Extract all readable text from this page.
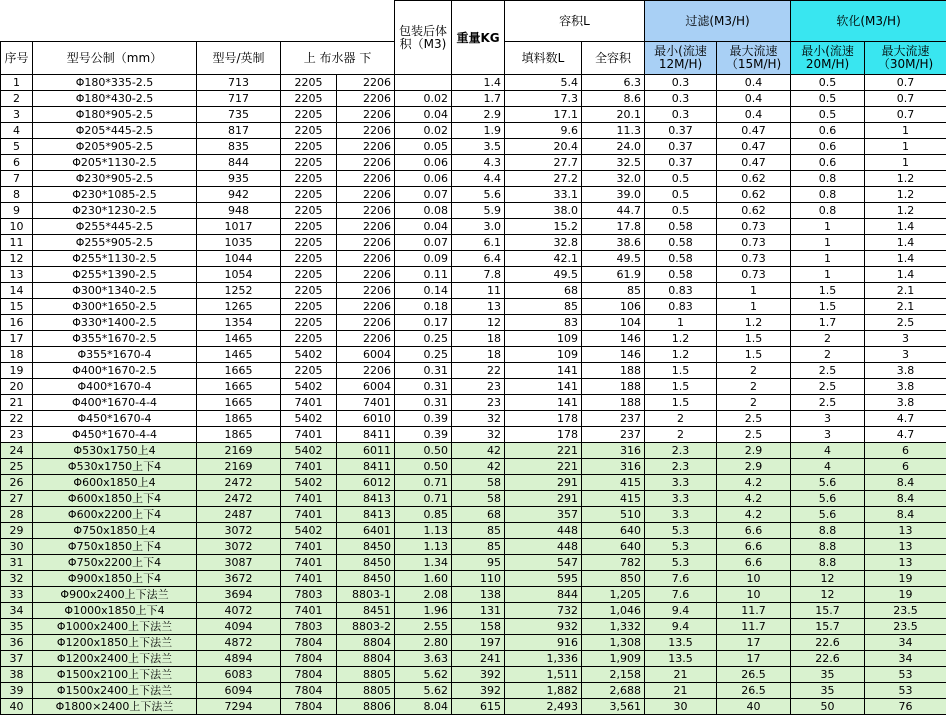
					包装后体积（M3)	重量KG	容积L		过滤(M3/H)		软化(M3/H)	
序号	型号公制（mm）	型号/英制	上 布水器 下				填料数L	全容积	最小(流速12M/H)	最大流速（15M/H)	最小(流速20M/H)	最大流速（30M/H)
1	Φ180*335-2.5	713	2205	2206		1.4	5.4	6.3	0.3	0.4	0.5	0.7
2	Φ180*430-2.5	717	2205	2206	0.02	1.7	7.3	8.6	0.3	0.4	0.5	0.7
3	Φ180*905-2.5	735	2205	2206	0.04	2.9	17.1	20.1	0.3	0.4	0.5	0.7
4	Φ205*445-2.5	817	2205	2206	0.02	1.9	9.6	11.3	0.37	0.47	0.6	1
5	Φ205*905-2.5	835	2205	2206	0.05	3.5	20.4	24.0	0.37	0.47	0.6	1
6	Φ205*1130-2.5	844	2205	2206	0.06	4.3	27.7	32.5	0.37	0.47	0.6	1
7	Φ230*905-2.5	935	2205	2206	0.06	4.4	27.2	32.0	0.5	0.62	0.8	1.2
8	Φ230*1085-2.5	942	2205	2206	0.07	5.6	33.1	39.0	0.5	0.62	0.8	1.2
9	Φ230*1230-2.5	948	2205	2206	0.08	5.9	38.0	44.7	0.5	0.62	0.8	1.2
10	Φ255*445-2.5	1017	2205	2206	0.04	3.0	15.2	17.8	0.58	0.73	1	1.4
11	Φ255*905-2.5	1035	2205	2206	0.07	6.1	32.8	38.6	0.58	0.73	1	1.4
12	Φ255*1130-2.5	1044	2205	2206	0.09	6.4	42.1	49.5	0.58	0.73	1	1.4
13	Φ255*1390-2.5	1054	2205	2206	0.11	7.8	49.5	61.9	0.58	0.73	1	1.4
14	Φ300*1340-2.5	1252	2205	2206	0.14	11	68	85	0.83	1	1.5	2.1
15	Φ300*1650-2.5	1265	2205	2206	0.18	13	85	106	0.83	1	1.5	2.1
16	Φ330*1400-2.5	1354	2205	2206	0.17	12	83	104	1	1.2	1.7	2.5
17	Φ355*1670-2.5	1465	2205	2206	0.25	18	109	146	1.2	1.5	2	3
18	Φ355*1670-4	1465	5402	6004	0.25	18	109	146	1.2	1.5	2	3
19	Φ400*1670-2.5	1665	2205	2206	0.31	22	141	188	1.5	2	2.5	3.8
20	Φ400*1670-4	1665	5402	6004	0.31	23	141	188	1.5	2	2.5	3.8
21	Φ400*1670-4-4	1665	7401	7401	0.31	23	141	188	1.5	2	2.5	3.8
22	Φ450*1670-4	1865	5402	6010	0.39	32	178	237	2	2.5	3	4.7
23	Φ450*1670-4-4	1865	7401	8411	0.39	32	178	237	2	2.5	3	4.7
24	Φ530x1750上4	2169	5402	6011	0.50	42	221	316	2.3	2.9	4	6
25	Φ530x1750上下4	2169	7401	8411	0.50	42	221	316	2.3	2.9	4	6
26	Φ600x1850上4	2472	5402	6012	0.71	58	291	415	3.3	4.2	5.6	8.4
27	Φ600x1850上下4	2472	7401	8413	0.71	58	291	415	3.3	4.2	5.6	8.4
28	Φ600x2200上下4	2487	7401	8413	0.85	68	357	510	3.3	4.2	5.6	8.4
29	Φ750x1850上4	3072	5402	6401	1.13	85	448	640	5.3	6.6	8.8	13
30	Φ750x1850上下4	3072	7401	8450	1.13	85	448	640	5.3	6.6	8.8	13
31	Φ750x2200上下4	3087	7401	8450	1.34	95	547	782	5.3	6.6	8.8	13
32	Φ900x1850上下4	3672	7401	8450	1.60	110	595	850	7.6	10	12	19
33	Φ900x2400上下法兰	3694	7803	8803-1	2.08	138	844	1,205	7.6	10	12	19
34	Φ1000x1850上下4	4072	7401	8451	1.96	131	732	1,046	9.4	11.7	15.7	23.5
35	Φ1000x2400上下法兰	4094	7803	8803-2	2.55	158	932	1,332	9.4	11.7	15.7	23.5
36	Φ1200x1850上下法兰	4872	7804	8804	2.80	197	916	1,308	13.5	17	22.6	34
37	Φ1200x2400上下法兰	4894	7804	8804	3.63	241	1,336	1,909	13.5	17	22.6	34
38	Φ1500x2100上下法兰	6083	7804	8805	5.62	392	1,511	2,158	21	26.5	35	53
39	Φ1500x2400上下法兰	6094	7804	8805	5.62	392	1,882	2,688	21	26.5	35	53
40	Φ1800×2400上下法兰	7294	7804	8806	8.04	615	2,493	3,561	30	40	50	76
